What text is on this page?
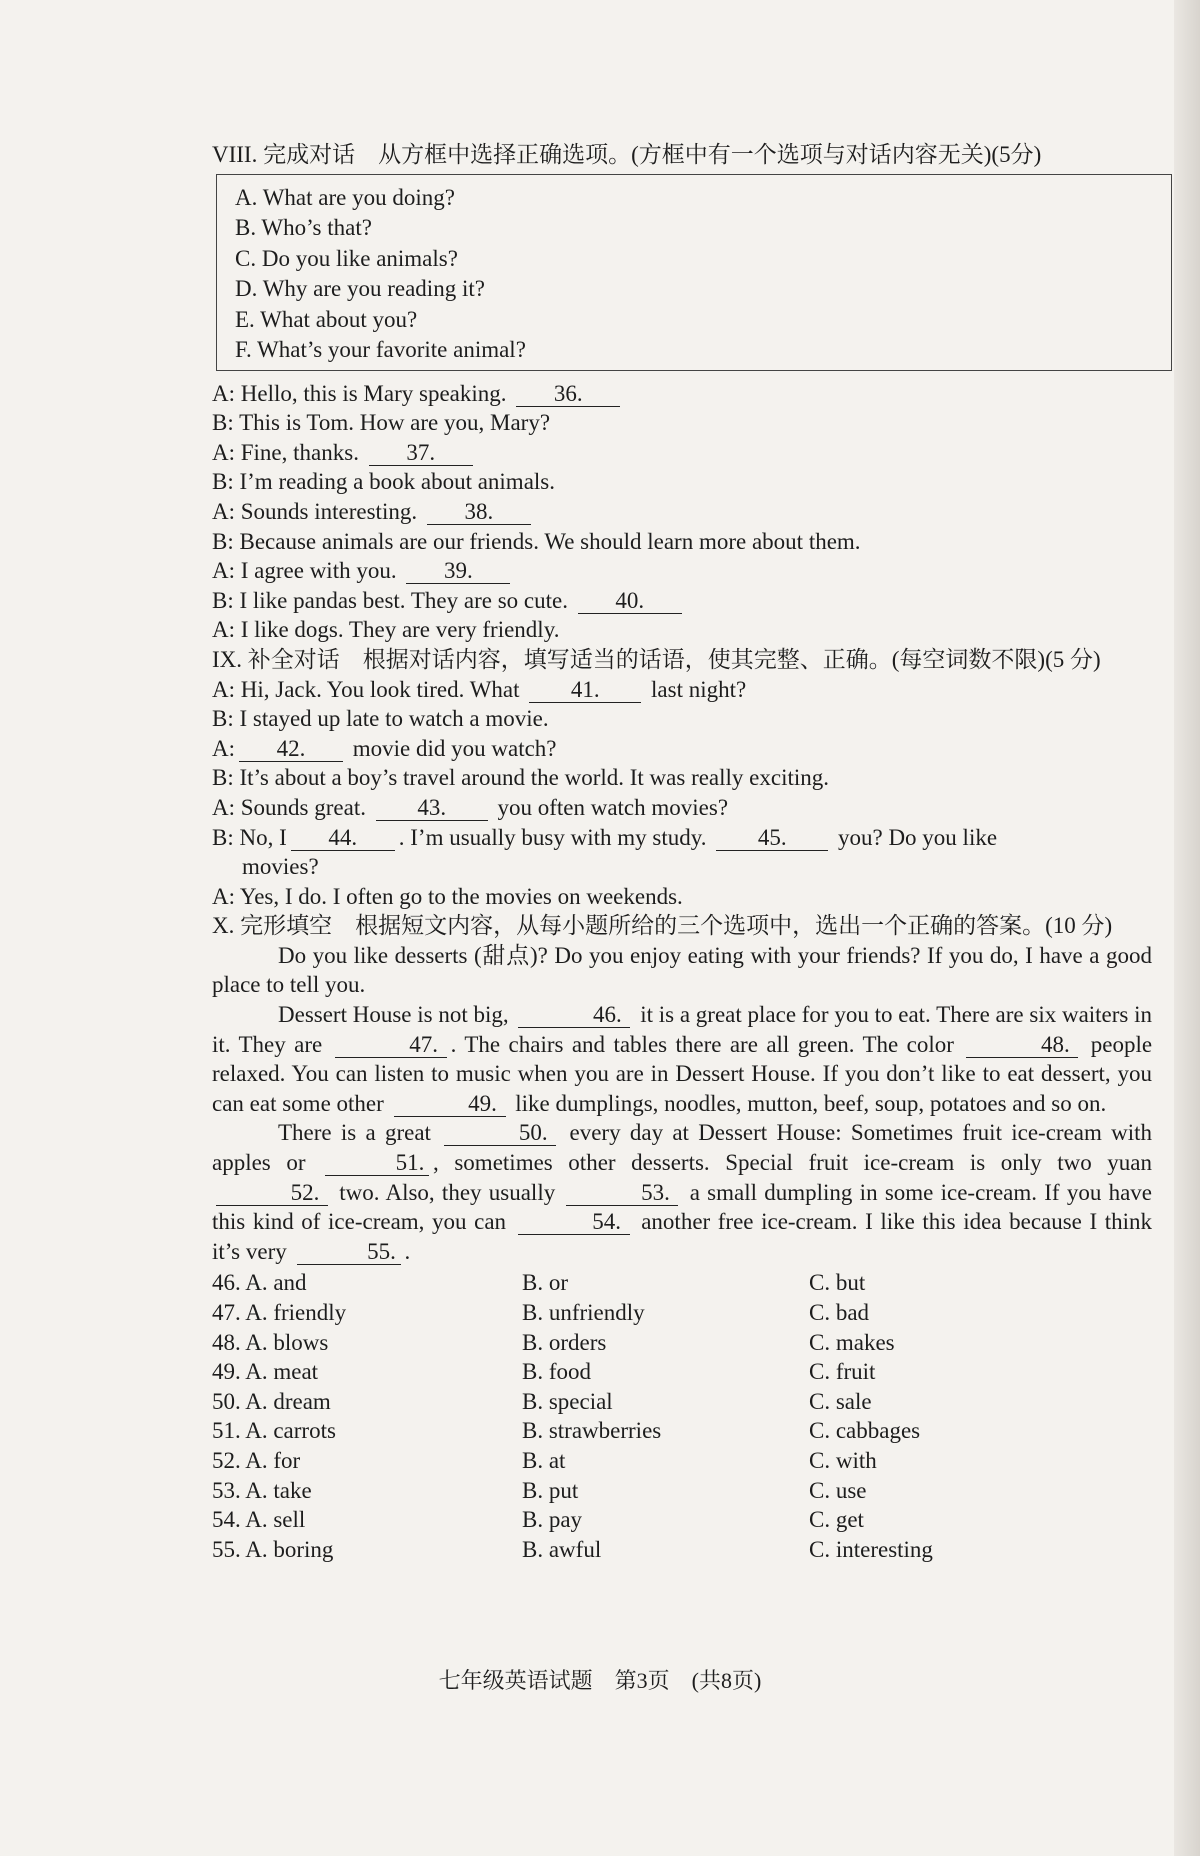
VIII. 完成对话　从方框中选择正确选项。(方框中有一个选项与对话内容无关)(5分)

A. What are you doing?
B. Who’s that?
C. Do you like animals?
D. Why are you reading it?
E. What about you?
F. What’s your favorite animal?
A: Hello, this is Mary speaking. 36.
B: This is Tom. How are you, Mary?
A: Fine, thanks. 37.
B: I’m reading a book about animals.
A: Sounds interesting. 38.
B: Because animals are our friends. We should learn more about them.
A: I agree with you. 39.
B: I like pandas best. They are so cute. 40.
A: I like dogs. They are very friendly.

IX. 补全对话　根据对话内容，填写适当的话语，使其完整、正确。(每空词数不限)(5 分)

A: Hi, Jack. You look tired. What 41. last night?
B: I stayed up late to watch a movie.
A: 42. movie did you watch?
B: It’s about a boy’s travel around the world. It was really exciting.
A: Sounds great. 43. you often watch movies?
B: No, I 44. . I’m usually busy with my study. 45. you? Do you like
movies?
A: Yes, I do. I often go to the movies on weekends.

X. 完形填空　根据短文内容，从每小题所给的三个选项中，选出一个正确的答案。(10 分)

Do you like desserts (甜点)? Do you enjoy eating with your friends? If you do, I have a good place to tell you.
Dessert House is not big,	46. it is a great place for you to eat. There are six waiters in it. They are	47. . The chairs and tables there are all green. The color	48. people relaxed. You can listen to music when you are in Dessert House. If you don’t like to eat dessert, you can eat some other	49. like dumplings, noodles, mutton, beef, soup, potatoes and so on.
There is a great	50. every day at Dessert House: Sometimes fruit ice-cream with apples or	51. , sometimes other desserts. Special fruit ice-cream is only two yuan 52. two. Also, they usually	53. a small dumpling in some ice-cream. If you have this kind of ice-cream, you can	54. another free ice-cream. I like this idea because I think it’s very	55. .
46. A. and	B. or	C. but
47. A. friendly	B. unfriendly	C. bad
48. A. blows	B. orders	C. makes
49. A. meat	B. food	C. fruit
50. A. dream	B. special	C. sale
51. A. carrots	B. strawberries	C. cabbages
52. A. for	B. at	C. with
53. A. take	B. put	C. use
54. A. sell	B. pay	C. get
55. A. boring	B. awful	C. interesting
七年级英语试题　第3页　(共8页)
